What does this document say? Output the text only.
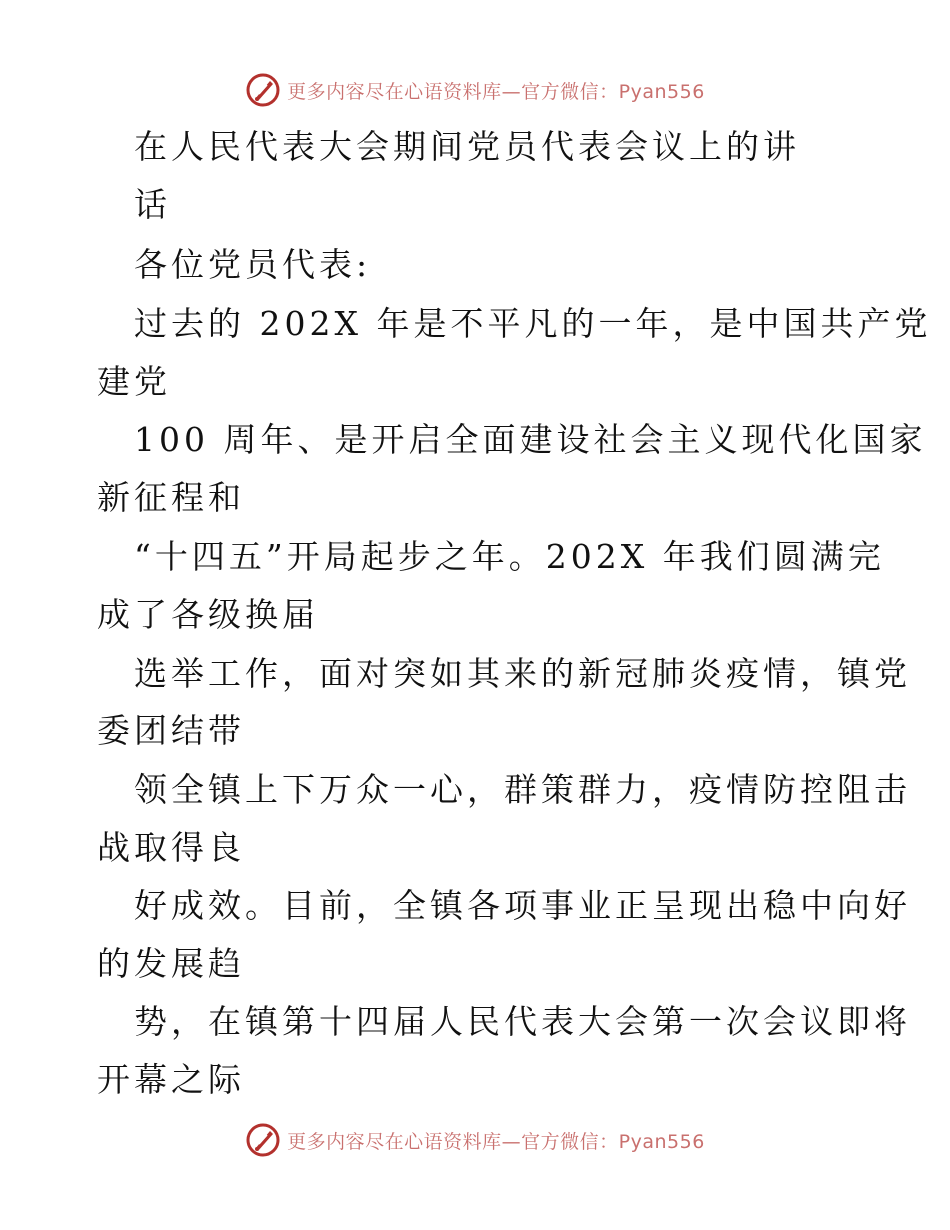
更多内容尽在心语资料库—官方微信：Pyan556
在人民代表大会期间党员代表会议上的讲
话
各位党员代表:
过去的 202X 年是不平凡的一年，是中国共产党
建党
100 周年、是开启全面建设社会主义现代化国家
新征程和
“十四五”开局起步之年。202X 年我们圆满完
成了各级换届
选举工作，面对突如其来的新冠肺炎疫情，镇党
委团结带
领全镇上下万众一心，群策群力，疫情防控阻击
战取得良
好成效。目前，全镇各项事业正呈现出稳中向好
的发展趋
势，在镇第十四届人民代表大会第一次会议即将
开幕之际
更多内容尽在心语资料库—官方微信：Pyan556
